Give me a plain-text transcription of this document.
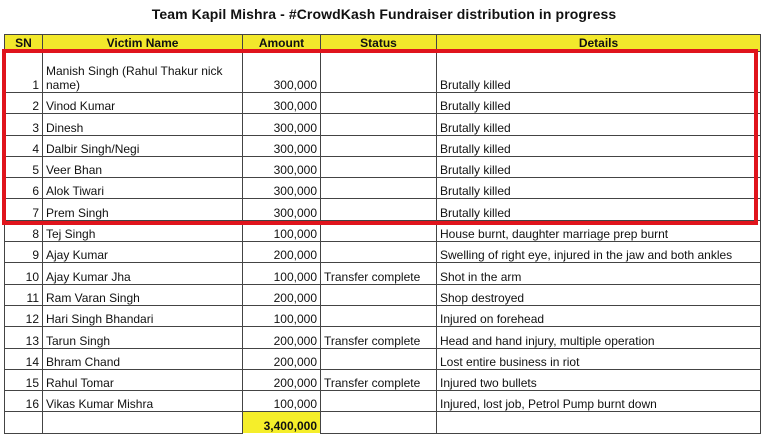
Team Kapil Mishra - #CrowdKash Fundraiser distribution in progress
SN	Victim Name	Amount	Status	Details
1	Manish Singh (Rahul Thakur nick name)	300,000		Brutally killed
2	Vinod Kumar	300,000		Brutally killed
3	Dinesh	300,000		Brutally killed
4	Dalbir Singh/Negi	300,000		Brutally killed
5	Veer Bhan	300,000		Brutally killed
6	Alok Tiwari	300,000		Brutally killed
7	Prem Singh	300,000		Brutally killed
8	Tej Singh	100,000		House burnt, daughter marriage prep burnt
9	Ajay Kumar	200,000		Swelling of right eye, injured in the jaw and both ankles
10	Ajay Kumar Jha	100,000	Transfer complete	Shot in the arm
11	Ram Varan Singh	200,000		Shop destroyed
12	Hari Singh Bhandari	100,000		Injured on forehead
13	Tarun Singh	200,000	Transfer complete	Head and hand injury, multiple operation
14	Bhram Chand	200,000		Lost entire business in riot
15	Rahul Tomar	200,000	Transfer complete	Injured two bullets
16	Vikas Kumar Mishra	100,000		Injured, lost job, Petrol Pump burnt down
		3,400,000		
